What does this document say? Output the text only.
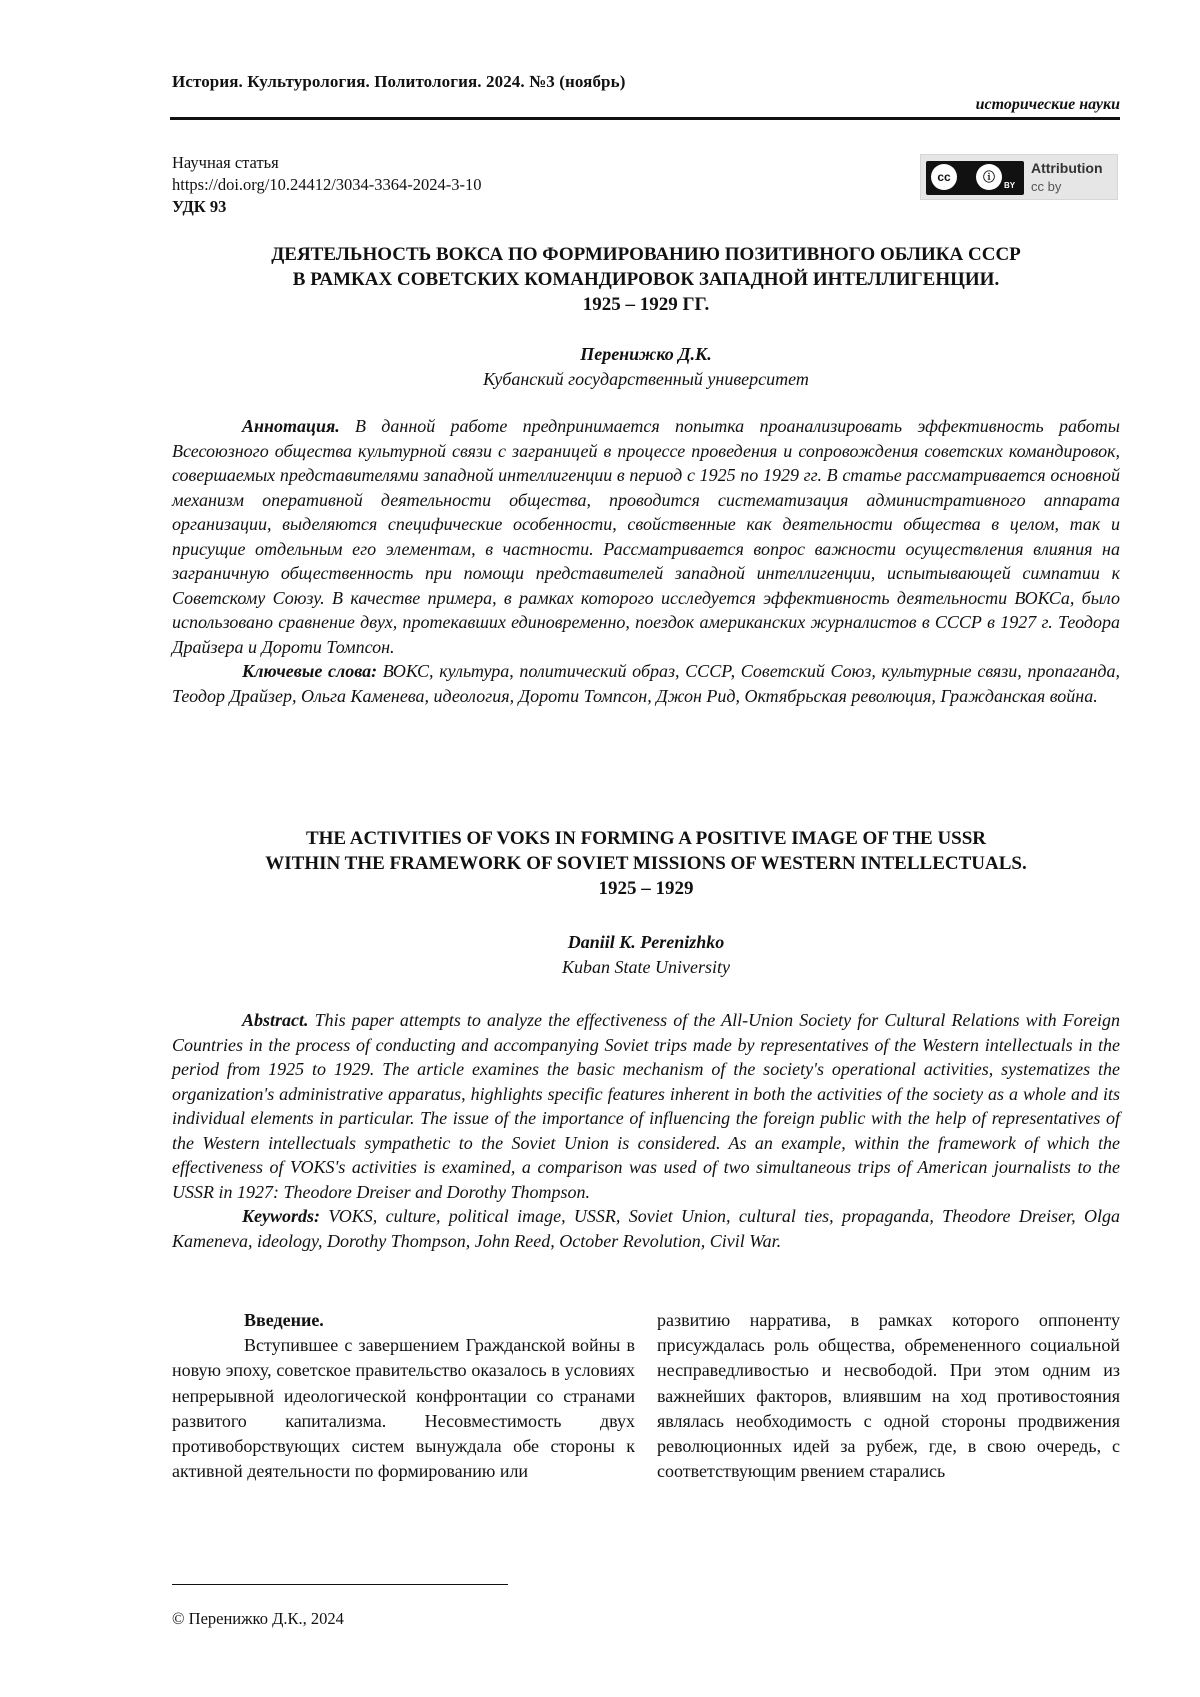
История. Культурология. Политология. 2024. №3 (ноябрь)
исторические науки
Научная статья
https://doi.org/10.24412/3034-3364-2024-3-10
УДК 93
cc	ⓘ
BY
Attribution
cc by
ДЕЯТЕЛЬНОСТЬ ВОКСА ПО ФОРМИРОВАНИЮ ПОЗИТИВНОГО ОБЛИКА СССР
В РАМКАХ СОВЕТСКИХ КОМАНДИРОВОК ЗАПАДНОЙ ИНТЕЛЛИГЕНЦИИ.
1925 – 1929 ГГ.
Перенижко Д.К.
Кубанский государственный университет

Аннотация. В данной работе предпринимается попытка проанализировать эффективность работы Всесоюзного общества культурной связи с заграницей в процессе проведения и сопровождения советских командировок, совершаемых представителями западной интеллигенции в период с 1925 по 1929 гг. В статье рассматривается основной механизм оперативной деятельности общества, проводится систематизация административного аппарата организации, выделяются специфические особенности, свойственные как деятельности общества в целом, так и присущие отдельным его элементам, в частности. Рассматривается вопрос важности осуществления влияния на заграничную общественность при помощи представителей западной интеллигенции, испытывающей симпатии к Советскому Союзу. В качестве примера, в рамках которого исследуется эффективность деятельности ВОКСа, было использовано сравнение двух, протекавших единовременно, поездок американских журналистов в СССР в 1927 г. Теодора Драйзера и Дороти Томпсон.

Ключевые слова: ВОКС, культура, политический образ, СССР, Советский Союз, культурные связи, пропаганда, Теодор Драйзер, Ольга Каменева, идеология, Дороти Томпсон, Джон Рид, Октябрьская революция, Гражданская война.

THE ACTIVITIES OF VOKS IN FORMING A POSITIVE IMAGE OF THE USSR
WITHIN THE FRAMEWORK OF SOVIET MISSIONS OF WESTERN INTELLECTUALS.
1925 – 1929
Daniil K. Perenizhko
Kuban State University

Abstract. This paper attempts to analyze the effectiveness of the All-Union Society for Cultural Relations with Foreign Countries in the process of conducting and accompanying Soviet trips made by representatives of the Western intellectuals in the period from 1925 to 1929. The article examines the basic mechanism of the society's operational activities, systematizes the organization's administrative apparatus, highlights specific features inherent in both the activities of the society as a whole and its individual elements in particular. The issue of the importance of influencing the foreign public with the help of representatives of the Western intellectuals sympathetic to the Soviet Union is considered. As an example, within the framework of which the effectiveness of VOKS's activities is examined, a comparison was used of two simultaneous trips of American journalists to the USSR in 1927: Theodore Dreiser and Dorothy Thompson.

Keywords: VOKS, culture, political image, USSR, Soviet Union, cultural ties, propaganda, Theodore Dreiser, Olga Kameneva, ideology, Dorothy Thompson, John Reed, October Revolution, Civil War.

Введение.

Вступившее с завершением Гражданской войны в новую эпоху, советское правительство оказалось в условиях непрерывной идеологической конфронтации со странами развитого капитализма. Несовместимость двух противоборствующих систем вынуждала обе стороны к активной деятельности по формированию или

развитию нарратива, в рамках которого оппоненту присуждалась роль общества, обремененного социальной несправедливостью и несвободой. При этом одним из важнейших факторов, влиявшим на ход противостояния являлась необходимость с одной стороны продвижения революционных идей за рубеж, где, в свою очередь, с соответствующим рвением старались

© Перенижко Д.К., 2024
